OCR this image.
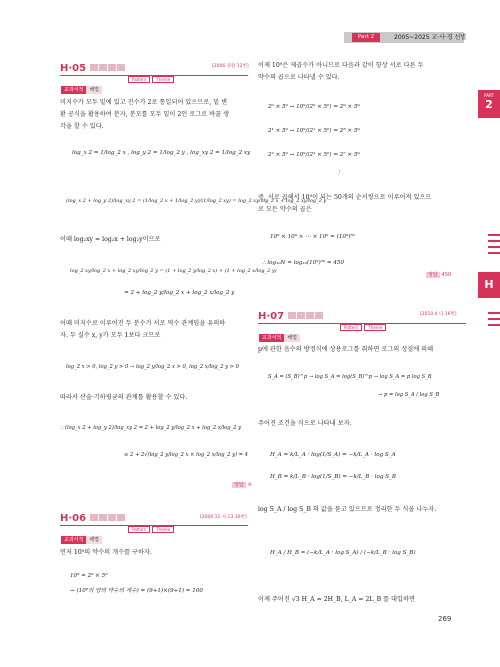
Part 2	2005~2025 교·사·경 선별
PART
2
H
H·05	[2006 경찰 12번]
Pattern	Theme
교과서적 해법
미지수가 모두 밑에 있고 진수가 2로 통일되어 있으므로, 밑 변
환 공식을 활용하여 분자, 분모를 모두 밑이 2인 로그로 바꿀 생
각을 할 수 있다.
log_x 2 = 1/log_2 x , log_y 2 = 1/log_2 y , log_xy 2 = 1/log_2 xy
(log_x 2 + log_y 2)/log_xy 2 = (1/log_2 x + 1/log_2 y)/(1/log_2 xy) = log_2 xy/log_2 x + log_2 xy/log_2 y
이때 log₂xy = log₂x + log₂y이므로
log_2 xy/log_2 x + log_2 xy/log_2 y = (1 + log_2 y/log_2 x) + (1 + log_2 x/log_2 y)
= 2 + log_2 y/log_2 x + log_2 x/log_2 y
이때 미지수로 이루어진 두 분수가 서로 역수 관계임을 유의하
자. 두 실수 x, y가 모두 1보다 크므로
log_2 x > 0, log_2 y > 0 → log_2 y/log_2 x > 0, log_2 x/log_2 y > 0
따라서 산술·기하평균의 관계를 활용할 수 있다.
∴ (log_x 2 + log_y 2)/log_xy 2 = 2 + log_2 y/log_2 x + log_2 x/log_2 y
≥ 2 + 2√(log_2 y/log_2 x × log_2 x/log_2 y) = 4
정답 ④
H·06	[2006.11 사고3 30번]
Pattern	Theme
교과서적 해법
먼저 10⁹의 약수의 개수를 구하자.
10⁹ = 2⁹ × 5⁹
→ (10⁹의 양의 약수의 개수) = (9+1)×(9+1) = 100
이제 10⁹은 제곱수가 아니므로 다음과 같이 항상 서로 다른 두
약수의 곱으로 나타낼 수 있다.
2⁰ × 5⁰ → 10⁹/(2⁰ × 5⁰) = 2⁹ × 5⁹
2¹ × 5⁰ → 10⁹/(2¹ × 5⁰) = 2⁸ × 5⁹
2² × 5⁰ → 10⁹/(2² × 5⁰) = 2⁷ × 5⁹
⋮
즉, 서로 곱해서 10⁹이 되는 50개의 순서쌍으로 이루어져 있으므
로 모든 약수의 곱은
10⁹ × 10⁹ × ⋯ × 10⁹ = (10⁹)⁵⁰
∴ log₁₀N = log₁₀(10⁹)⁵⁰ = 450
정답 450
H·07	[2010.4 나 16번]
Pattern	Theme
교과서적 해법
p에 관한 음수의 방정식에 상용로그를 취하면 로그의 성질에 의해
S_A = (S_B)^p → log S_A = log(S_B)^p → log S_A = p log S_B
→ p = log S_A / log S_B
주어진 조건을 식으로 나타내 보자.
H_A = k/L_A · log(1/S_A) = −k/L_A · log S_A
H_B = k/L_B · log(1/S_B) = −k/L_B · log S_B
log S_A / log S_B 의 값을 묻고 있으므로 정리한 두 식을 나누자.
H_A / H_B = (−k/L_A · log S_A) / (−k/L_B · log S_B)
이제 주어진 √3 H_A = 2H_B, L_A = 2L_B 를 대입하면
269
